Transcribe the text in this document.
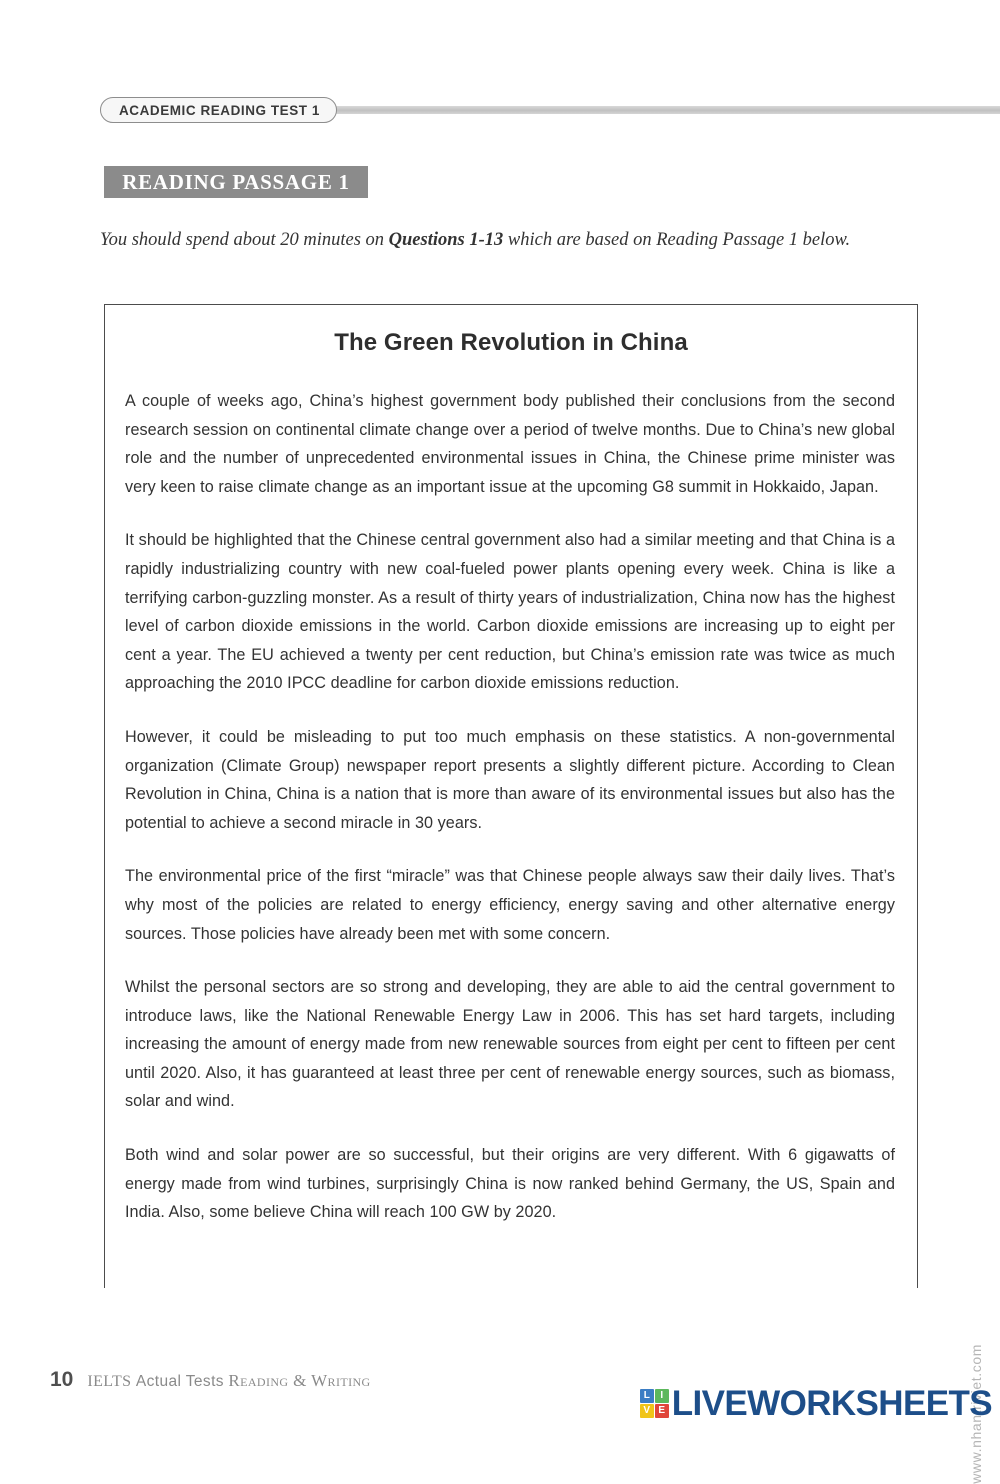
ACADEMIC READING TEST 1
READING PASSAGE 1
You should spend about 20 minutes on Questions 1-13 which are based on Reading Passage 1 below.
The Green Revolution in China

A couple of weeks ago, China’s highest government body published their conclusions from the second research session on continental climate change over a period of twelve months. Due to China’s new global role and the number of unprecedented environmental issues in China, the Chinese prime minister was very keen to raise climate change as an important issue at the upcoming G8 summit in Hokkaido, Japan.

It should be highlighted that the Chinese central government also had a similar meeting and that China is a rapidly industrializing country with new coal-fueled power plants opening every week. China is like a terrifying carbon-guzzling monster. As a result of thirty years of industrialization, China now has the highest level of carbon dioxide emissions in the world. Carbon dioxide emissions are increasing up to eight per cent a year. The EU achieved a twenty per cent reduction, but China’s emission rate was twice as much approaching the 2010 IPCC deadline for carbon dioxide emissions reduction.

However, it could be misleading to put too much emphasis on these statistics. A non-governmental organization (Climate Group) newspaper report presents a slightly different picture. According to Clean Revolution in China, China is a nation that is more than aware of its environmental issues but also has the potential to achieve a second miracle in 30 years.

The environmental price of the first “miracle” was that Chinese people always saw their daily lives. That’s why most of the policies are related to energy efficiency, energy saving and other alternative energy sources. Those policies have already been met with some concern.

Whilst the personal sectors are so strong and developing, they are able to aid the central government to introduce laws, like the National Renewable Energy Law in 2006. This has set hard targets, including increasing the amount of energy made from new renewable sources from eight per cent to fifteen per cent until 2020. Also, it has guaranteed at least three per cent of renewable energy sources, such as biomass, solar and wind.

Both wind and solar power are so successful, but their origins are very different. With 6 gigawatts of energy made from wind turbines, surprisingly China is now ranked behind Germany, the US, Spain and India. Also, some believe China will reach 100 GW by 2020.

www.nhantriviet.com
10 IELTS Actual Tests Reading & Writing
L	I
V E LIVEWORKSHEETS
